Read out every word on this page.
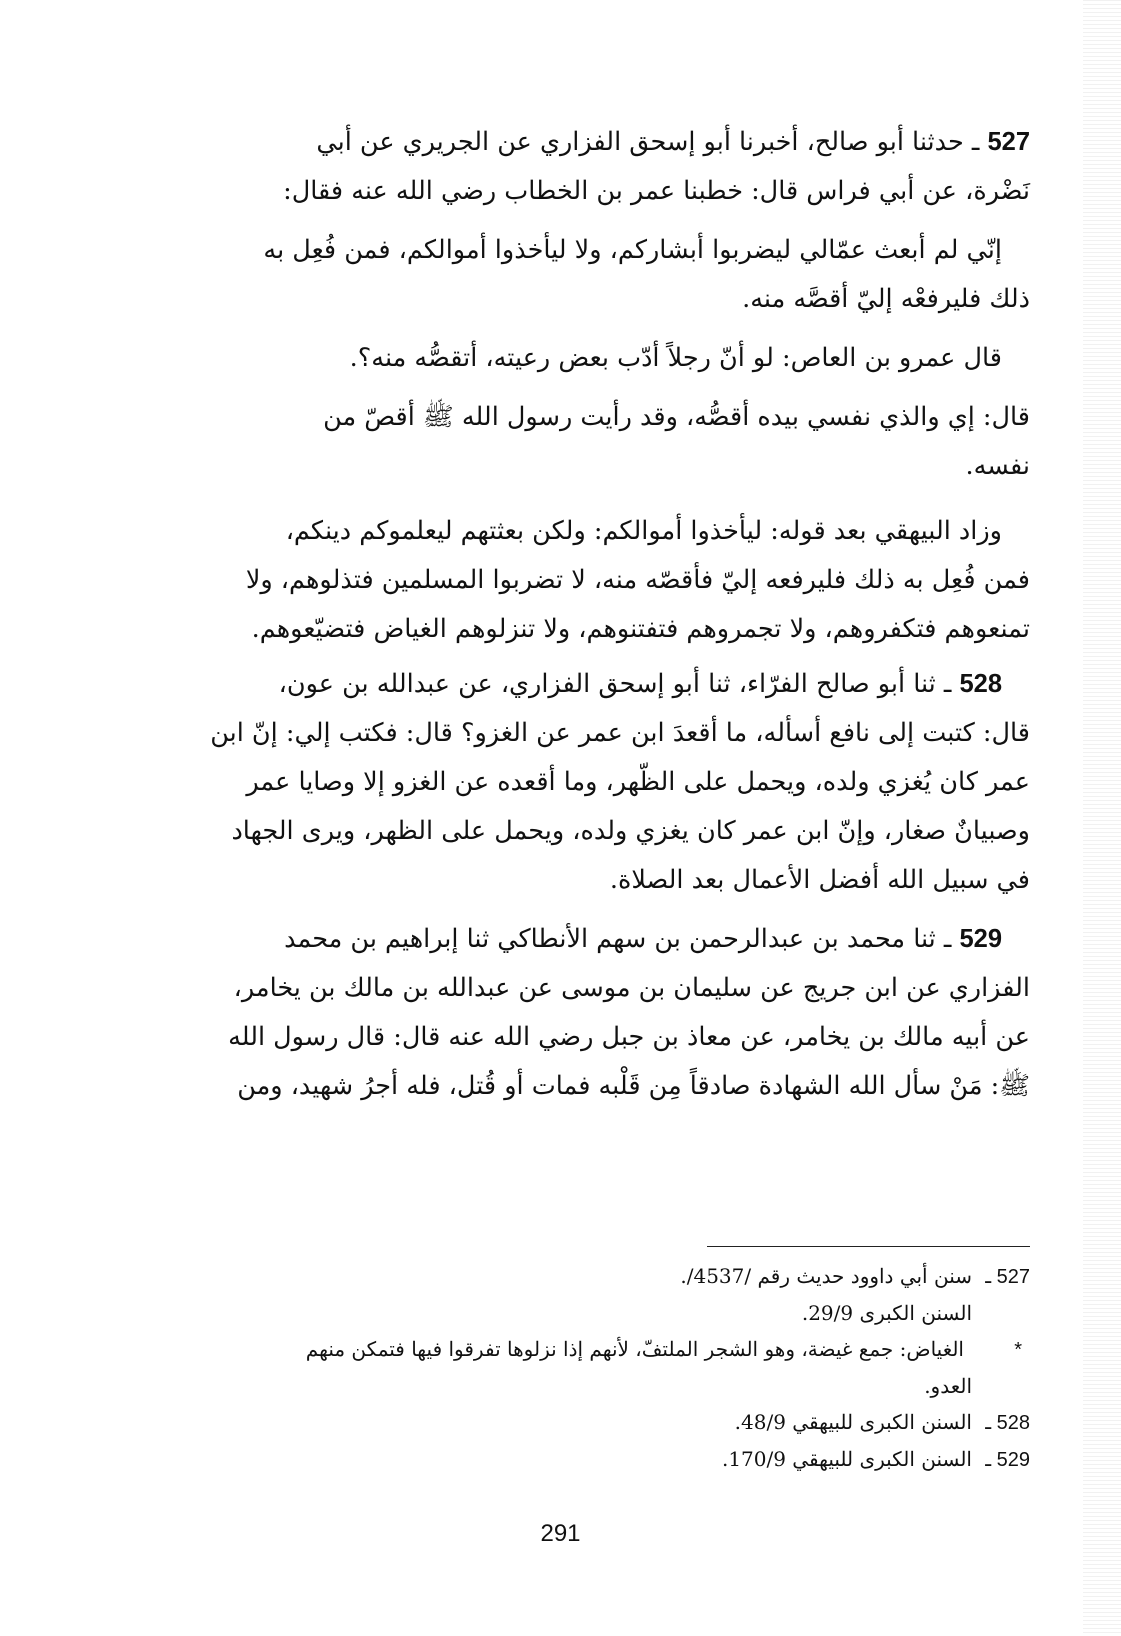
527 ـ حدثنا أبو صالح، أخبرنا أبو إسحق الفزاري عن الجريري عن أبي
نَضْرة، عن أبي فراس قال: خطبنا عمر بن الخطاب رضي الله عنه فقال:
إنّي لم أبعث عمّالي ليضربوا أبشاركم، ولا ليأخذوا أموالكم، فمن فُعِل به
ذلك فليرفعْه إليّ أقصَّه منه.
قال عمرو بن العاص: لو أنّ رجلاً أدّب بعض رعيته، أتقصُّه منه؟.
قال: إي والذي نفسي بيده أقصُّه، وقد رأيت رسول الله ﷺ أقصّ من
نفسه.
وزاد البيهقي بعد قوله: ليأخذوا أموالكم: ولكن بعثتهم ليعلموكم دينكم،
فمن فُعِل به ذلك فليرفعه إليّ فأقصّه منه، لا تضربوا المسلمين فتذلوهم، ولا
تمنعوهم فتكفروهم، ولا تجمروهم فتفتنوهم، ولا تنزلوهم الغياض فتضيّعوهم.
528 ـ ثنا أبو صالح الفرّاء، ثنا أبو إسحق الفزاري، عن عبدالله بن عون،
قال: كتبت إلى نافع أسأله، ما أقعدَ ابن عمر عن الغزو؟ قال: فكتب إلي: إنّ ابن
عمر كان يُغزي ولده، ويحمل على الظّهر، وما أقعده عن الغزو إلا وصايا عمر
وصبيانٌ صغار، وإنّ ابن عمر كان يغزي ولده، ويحمل على الظهر، ويرى الجهاد
في سبيل الله أفضل الأعمال بعد الصلاة.
529 ـ ثنا محمد بن عبدالرحمن بن سهم الأنطاكي ثنا إبراهيم بن محمد
الفزاري عن ابن جريج عن سليمان بن موسى عن عبدالله بن مالك بن يخامر،
عن أبيه مالك بن يخامر، عن معاذ بن جبل رضي الله عنه قال: قال رسول الله
ﷺ: مَنْ سأل الله الشهادة صادقاً مِن قَلْبه فمات أو قُتل، فله أجرُ شهيد، ومن
527 ـ
سنن أبي داوود حديث رقم /4537/.
السنن الكبرى 29/9.
*
الغياض: جمع غيضة، وهو الشجر الملتفّ، لأنهم إذا نزلوها تفرقوا فيها فتمكن منهم
العدو.
528 ـ
السنن الكبرى للبيهقي 48/9.
529 ـ
السنن الكبرى للبيهقي 170/9.
291
